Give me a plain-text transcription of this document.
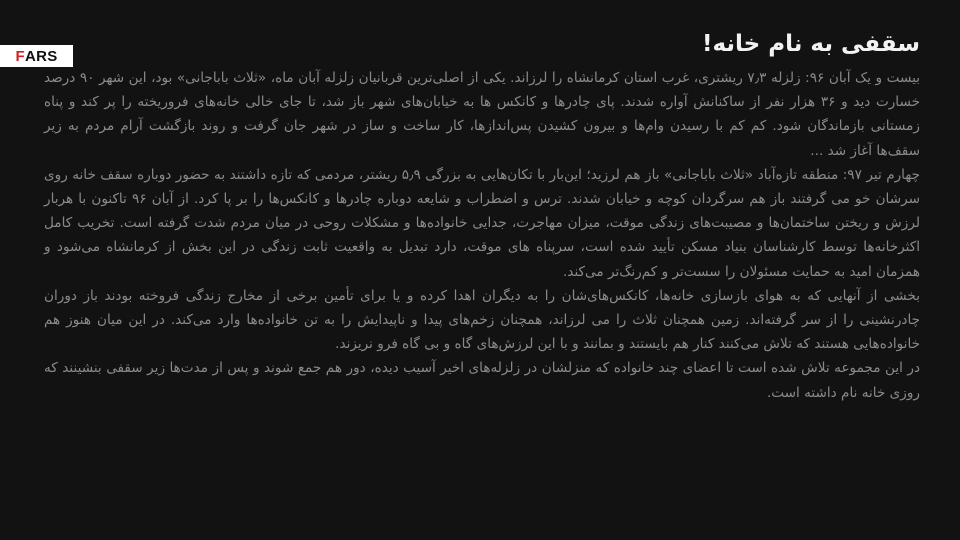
F ARS	سقفی به نام خانه!

بیست و یک آبان ۹۶: زلزله ۷٫۳ ریشتری، غرب استان کرمانشاه را لرزاند. یکی از اصلی‌ترین قربانیان زلزله آبان ماه، «ثلاث باباجانی» بود، این شهر ۹۰ درصد خسارت دید و ۳۶ هزار نفر از ساکنانش آواره شدند. پای چادرها و کانکس ها به خیابان‌های شهر باز شد، تا جای خالی خانه‌های فروریخته را پر کند و پناه زمستانی بازماندگان شود. کم کم با رسیدن وام‌ها و بیرون کشیدن پس‌اندازها، کار ساخت و ساز در شهر جان گرفت و روند بازگشت آرام مردم به زیر سقف‌ها آغاز شد ...

چهارم تیر ۹۷: منطقه تازه‌آباد «ثلاث باباجانی» باز هم لرزید؛ این‌بار با تکان‌هایی به بزرگی ۵٫۹ ریشتر، مردمی که تازه داشتند به حضور دوباره سقف خانه روی سرشان خو می گرفتند باز هم سرگردان کوچه و خیابان شدند. ترس و اضطراب و شایعه دوباره چادرها و کانکس‌ها را بر پا کرد. از آبان ۹۶ تاکنون با هربار لرزش و ریختن ساختمان‌ها و مصیبت‌های زندگی موقت، میزان مهاجرت، جدایی خانواده‌ها و مشکلات روحی در میان مردم شدت گرفته است. تخریب کامل اکثرخانه‌ها توسط کارشناسان بنیاد مسکن تأیید شده است، سرپناه های موقت، دارد تبدیل به واقعیت ثابت زندگی در این بخش از کرمانشاه می‌شود و همزمان امید به حمایت مسئولان را سست‌تر و کم‌رنگ‌تر می‌کند.

بخشی از آنهایی که به هوای بازسازی خانه‌ها، کانکس‌های‌شان را به دیگران اهدا کرده و یا برای تأمین برخی از مخارج زندگی فروخته بودند باز دوران چادرنشینی را از سر گرفته‌اند. زمین همچنان ثلاث را می لرزاند، همچنان زخم‌های پیدا و ناپیدایش را به تن خانواده‌ها وارد می‌کند. در این میان هنوز هم خانواده‌هایی هستند که تلاش می‌کنند کنار هم بایستند و بمانند و با این لرزش‌های گاه و بی گاه فرو نریزند.

در این مجموعه تلاش شده است تا اعضای چند خانواده که منزلشان در زلزله‌های اخیر آسیب دیده، دور هم جمع شوند و پس از مدت‌ها زیر سقفی بنشینند که روزی خانه نام داشته است.
